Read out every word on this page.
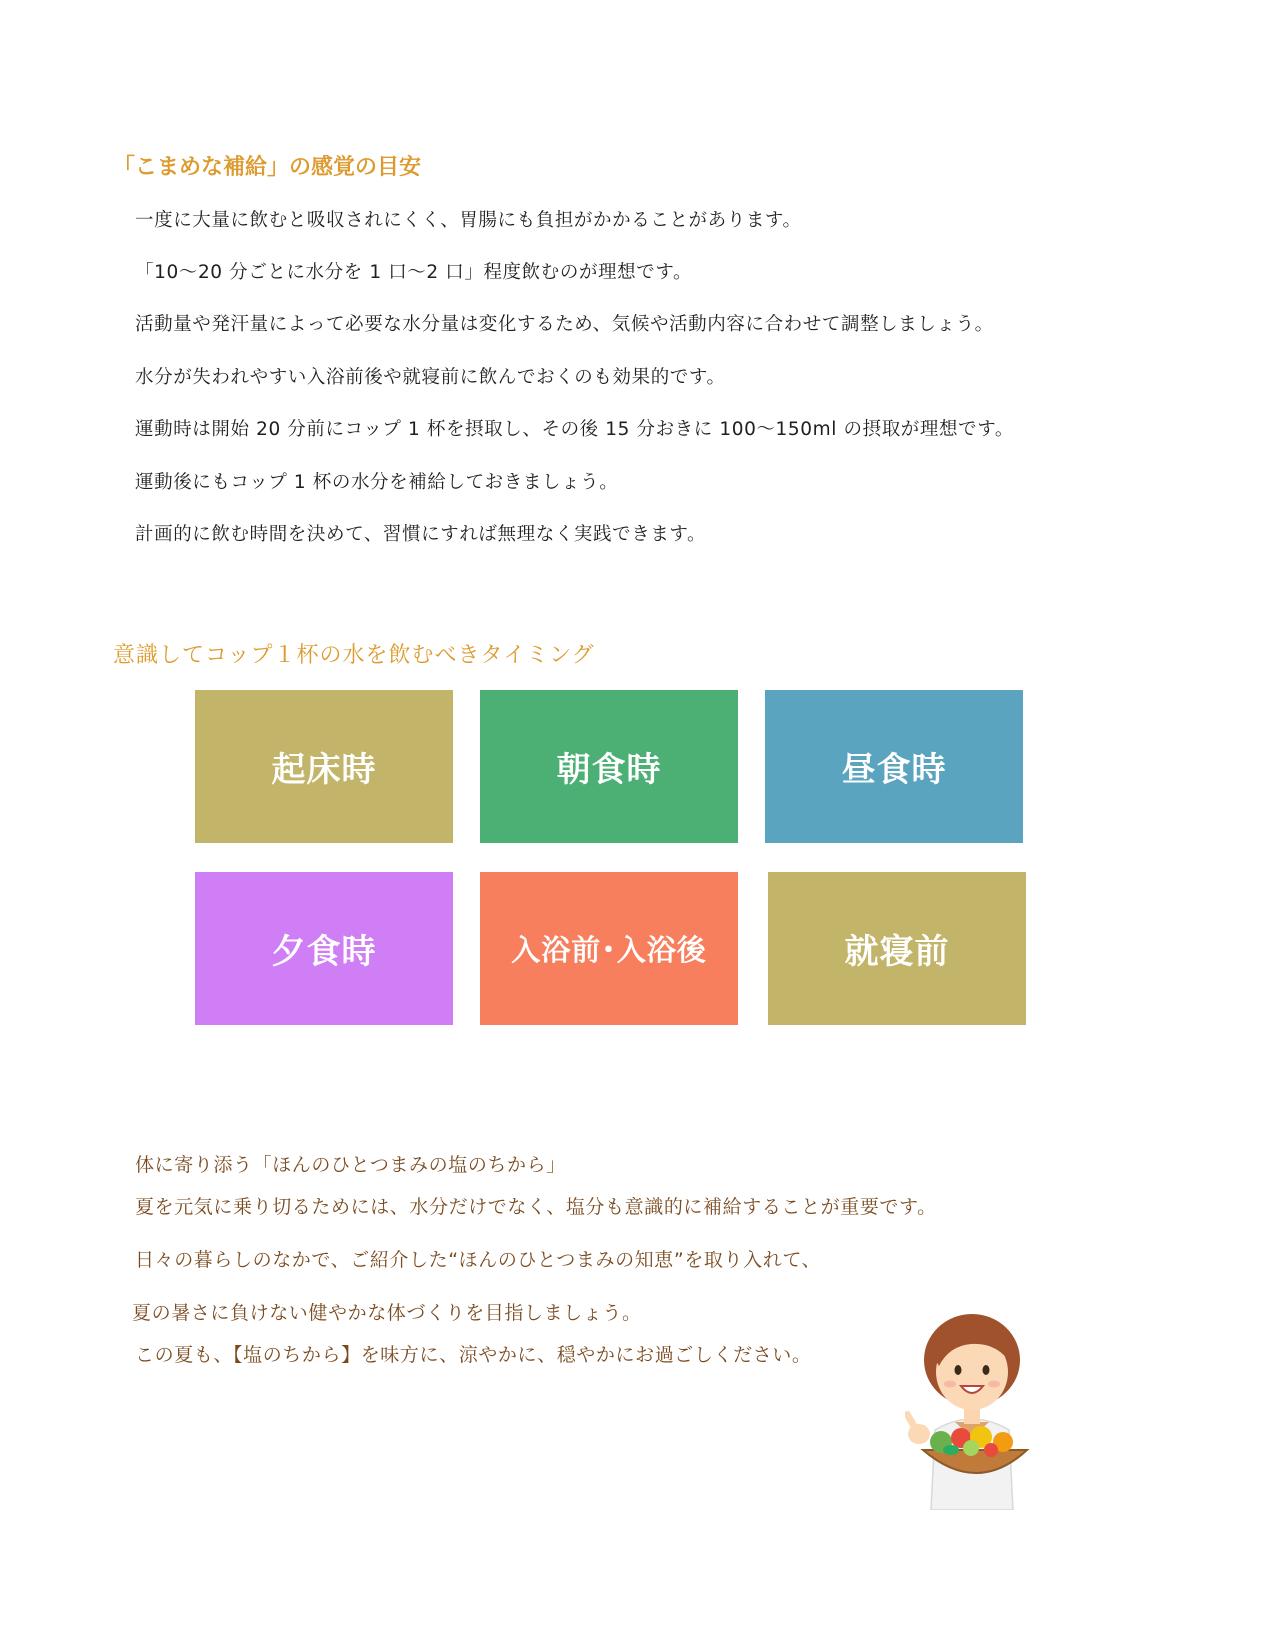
「こまめな補給」の感覚の目安
一度に大量に飲むと吸収されにくく、胃腸にも負担がかかることがあります。
「10～20 分ごとに水分を 1 口～2 口」程度飲むのが理想です。
活動量や発汗量によって必要な水分量は変化するため、気候や活動内容に合わせて調整しましょう。
水分が失われやすい入浴前後や就寝前に飲んでおくのも効果的です。
運動時は開始 20 分前にコップ 1 杯を摂取し、その後 15 分おきに 100～150ml の摂取が理想です。
運動後にもコップ 1 杯の水分を補給しておきましょう。
計画的に飲む時間を決めて、習慣にすれば無理なく実践できます。
意識してコップ１杯の水を飲むべきタイミング
起床時	朝食時	昼食時
夕食時	入浴前･入浴後	就寝前
体に寄り添う「ほんのひとつまみの塩のちから」
夏を元気に乗り切るためには、水分だけでなく、塩分も意識的に補給することが重要です。
日々の暮らしのなかで、ご紹介した“ほんのひとつまみの知恵”を取り入れて、
夏の暑さに負けない健やかな体づくりを目指しましょう。
この夏も、【塩のちから】を味方に、涼やかに、穏やかにお過ごしください。
